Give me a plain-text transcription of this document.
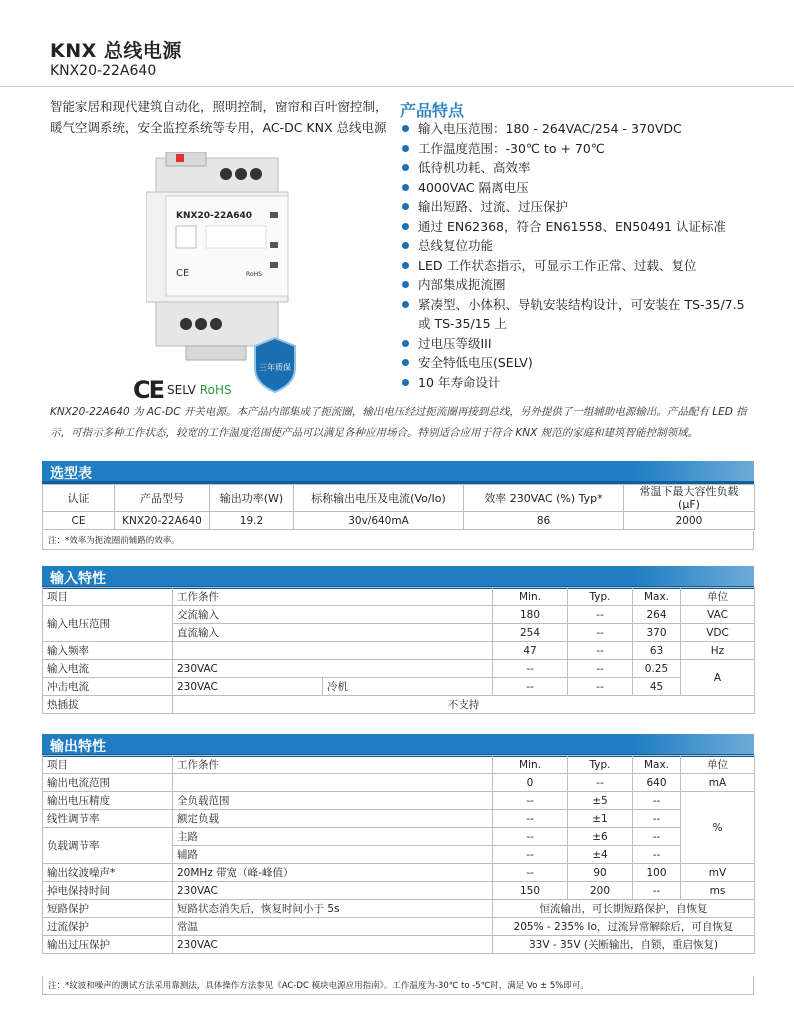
KNX 总线电源
KNX20-22A640
智能家居和现代建筑自动化，照明控制，窗帘和百叶窗控制，暖气空调系统，安全监控系统等专用，AC-DC KNX 总线电源
产品特点
输入电压范围：180 - 264VAC/254 - 370VDC
工作温度范围：-30℃ to + 70℃
低待机功耗、高效率
4000VAC 隔离电压
输出短路、过流、过压保护
通过 EN62368，符合 EN61558、EN50491 认证标准
总线复位功能
LED 工作状态指示，可显示工作正常、过载、复位
内部集成扼流圈
紧凑型、小体积、导轨安装结构设计，可安装在 TS-35/7.5 或 TS-35/15 上
过电压等级III
安全特低电压(SELV)
10 年寿命设计
KNX20-22A640
CE	RoHS
三年质保
CE SELV RoHS
KNX20-22A640 为 AC-DC 开关电源。本产品内部集成了扼流圈，输出电压经过扼流圈再接到总线，另外提供了一组辅助电源输出。产品配有 LED 指示，可指示多种工作状态，较宽的工作温度范围使产品可以满足各种应用场合。特别适合应用于符合 KNX 规范的家庭和建筑智能控制领域。
选型表
认证	产品型号	输出功率(W)	标称输出电压及电流(Vo/Io)	效率 230VAC (%) Typ*	常温下最大容性负载 (μF)
CE	KNX20-22A640	19.2	30v/640mA	86	2000
注：*效率为扼流圈前辅路的效率。
输入特性
项目	工作条件		Min.	Typ.	Max.	单位
输入电压范围	交流输入		180	--	264	VAC
	直流输入		254	--	370	VDC
输入频率			47	--	63	Hz
输入电流	230VAC		--	--	0.25	A
冲击电流	230VAC	冷机	--	--	45	
热插拔	不支持					
输出特性
项目	工作条件	Min.	Typ.	Max.	单位
输出电流范围		0	--	640	mA
输出电压精度	全负载范围	--	±5	--	%
线性调节率	额定负载	--	±1	--	
负载调节率	主路	--	±6	--	
	辅路	--	±4	--	
输出纹波噪声*	20MHz 带宽（峰-峰值）	--	90	100	mV
掉电保持时间	230VAC	150	200	--	ms
短路保护	短路状态消失后，恢复时间小于 5s	恒流输出，可长期短路保护，自恢复			
过流保护	常温	205% - 235% Io，过流异常解除后，可自恢复			
输出过压保护	230VAC	33V - 35V (关断输出，自锁，重启恢复)			
注：*纹波和噪声的测试方法采用靠测法，具体操作方法参见《AC-DC 模块电源应用指南》。工作温度为-30℃ to -5℃时，满足 Vo ± 5%即可。
